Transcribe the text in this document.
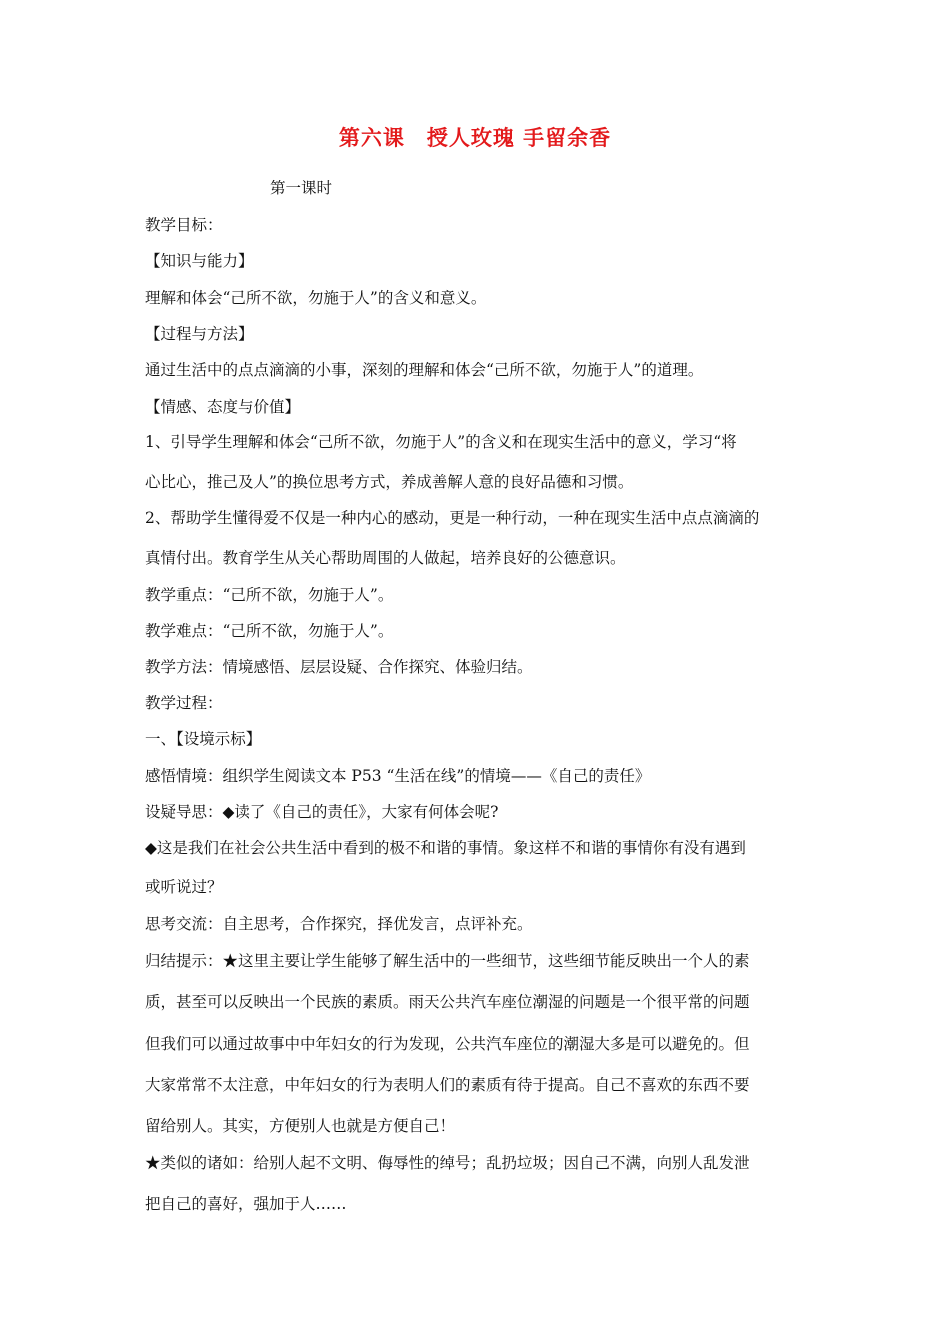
第六课　授人玫瑰 手留余香
第一课时
教学目标：
【知识与能力】
理解和体会“己所不欲，勿施于人”的含义和意义。
【过程与方法】
通过生活中的点点滴滴的小事，深刻的理解和体会“己所不欲，勿施于人”的道理。
【情感、态度与价值】
1、引导学生理解和体会“己所不欲，勿施于人”的含义和在现实生活中的意义，学习“将
心比心，推己及人”的换位思考方式，养成善解人意的良好品德和习惯。
2、帮助学生懂得爱不仅是一种内心的感动，更是一种行动，一种在现实生活中点点滴滴的
真情付出。教育学生从关心帮助周围的人做起，培养良好的公德意识。
教学重点：“己所不欲，勿施于人”。
教学难点：“己所不欲，勿施于人”。
教学方法：情境感悟、层层设疑、合作探究、体验归结。
教学过程：
一、【设境示标】
感悟情境：组织学生阅读文本 P53 “生活在线”的情境——《自己的责任》
设疑导思：◆读了《自己的责任》，大家有何体会呢?
◆这是我们在社会公共生活中看到的极不和谐的事情。象这样不和谐的事情你有没有遇到
或听说过？
思考交流：自主思考，合作探究，择优发言，点评补充。
归结提示：★这里主要让学生能够了解生活中的一些细节，这些细节能反映出一个人的素
质，甚至可以反映出一个民族的素质。雨天公共汽车座位潮湿的问题是一个很平常的问题
但我们可以通过故事中中年妇女的行为发现，公共汽车座位的潮湿大多是可以避免的。但
大家常常不太注意，中年妇女的行为表明人们的素质有待于提高。自己不喜欢的东西不要
留给别人。其实，方便别人也就是方便自己！
★类似的诸如：给别人起不文明、侮辱性的绰号；乱扔垃圾；因自己不满，向别人乱发泄
把自己的喜好，强加于人……
